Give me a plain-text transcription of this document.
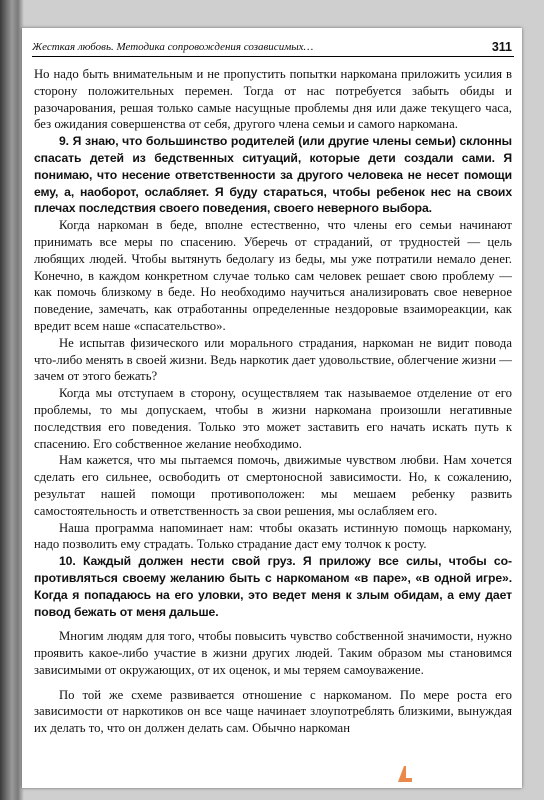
Жесткая любовь. Методика сопровождения созависимых…	311

Но надо быть внимательным и не пропустить попытки наркомана приложить усилия в сторону положительных перемен. Тогда от нас потребуется забыть обиды и разочарования, решая только самые насущные проблемы дня или даже текущего часа, без ожидания совершенства от себя, другого члена семьи и самого наркомана.

9. Я знаю, что большинство родителей (или другие члены семьи) склонны спасать детей из бедственных ситуаций, которые дети создали сами. Я понимаю, что несение ответственности за другого человека не несет помощи ему, а, наоборот, ослабляет. Я буду стараться, чтобы ребенок нес на своих плечах последствия своего поведения, своего неверного выбора.

Когда наркоман в беде, вполне естественно, что члены его семьи начинают принимать все меры по спасению. Уберечь от страданий, от трудностей — цель любящих людей. Чтобы вытянуть бедолагу из беды, мы уже потратили немало денег. Конечно, в каждом конкретном случае только сам человек решает свою проблему — как помочь близкому в беде. Но необходимо научиться анализировать свое неверное поведение, замечать, как отработанны определенные нездоровые взаимореакции, как вредит всем наше «спасательство».

Не испытав физического или морального страдания, наркоман не видит повода что-либо менять в своей жизни. Ведь наркотик дает удовольствие, облегчение жизни — зачем от этого бежать?

Когда мы отступаем в сторону, осуществляем так называемое отделение от его проблемы, то мы допускаем, чтобы в жизни наркомана произошли негативные последствия его поведения. Только это может заставить его начать искать путь к спасению. Его собственное желание необходимо.

Нам кажется, что мы пытаемся помочь, движимые чувством любви. Нам хочется сделать его сильнее, освободить от смертоносной зависимости. Но, к сожалению, результат нашей помощи противоположен: мы мешаем ребенку развить самостоятельность и ответственность за свои решения, мы ослабляем его.

Наша программа напоминает нам: чтобы оказать истинную помощь наркоману, надо позволить ему страдать. Только страдание даст ему толчок к росту.

10. Каждый должен нести свой груз. Я приложу все силы, чтобы сопротивляться своему желанию быть с наркоманом «в паре», «в одной игре». Когда я попадаюсь на его уловки, это ведет меня к злым обидам, а ему дает повод бежать от меня дальше.

Многим людям для того, чтобы повысить чувство собственной значимости, нужно проявить какое-либо участие в жизни других людей. Таким образом мы становимся зависимыми от окружающих, от их оценок, и мы теряем самоуважение.

По той же схеме развивается отношение с наркоманом. По мере роста его зависимости от наркотиков он все чаще начинает злоупотреблять близкими, вынуждая их делать то, что он должен делать сам. Обычно наркоман
